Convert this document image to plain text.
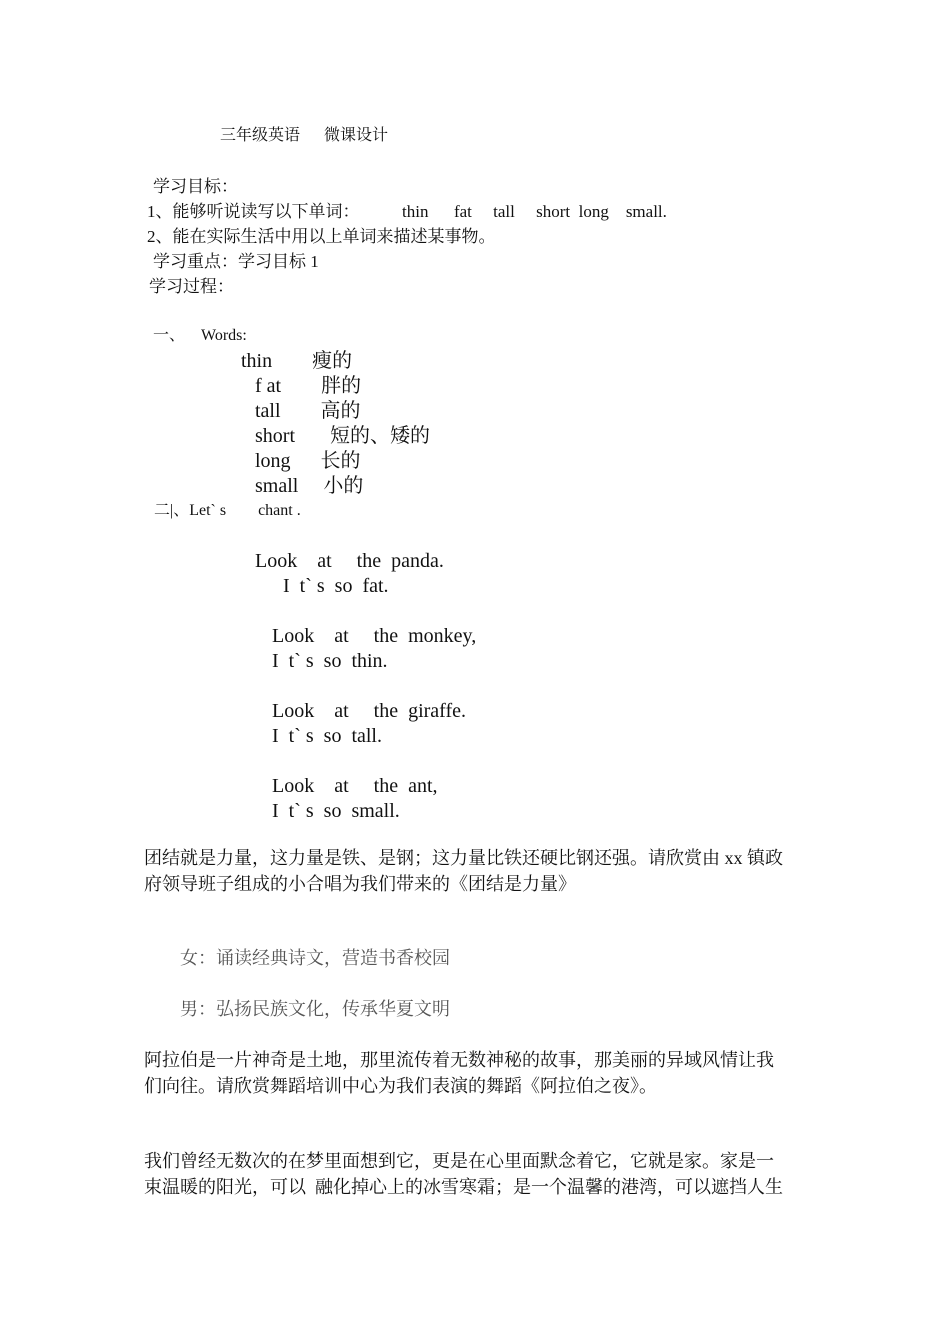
三年级英语      微课设计
学习目标：
1、能够听说读写以下单词：          thin      fat     tall     short  long    small.
2、能在实际生活中用以上单词来描述某事物。
学习重点：学习目标 1
学习过程：
一、    Words:
thin        瘦的
f at        胖的
tall        高的
short       短的、矮的
long      长的
small     小的
二|、Let` s        chant .
Look    at     the  panda.
I  t` s  so  fat.
Look    at     the  monkey,
I  t` s  so  thin.
Look    at     the  giraffe.
I  t` s  so  tall.
Look    at     the  ant,
I  t` s  so  small.
团结就是力量，这力量是铁、是钢；这力量比铁还硬比钢还强。请欣赏由 xx 镇政
府领导班子组成的小合唱为我们带来的《团结是力量》
女：诵读经典诗文，营造书香校园
男：弘扬民族文化，传承华夏文明
阿拉伯是一片神奇是土地，那里流传着无数神秘的故事，那美丽的异域风情让我
们向往。请欣赏舞蹈培训中心为我们表演的舞蹈《阿拉伯之夜》。
我们曾经无数次的在梦里面想到它，更是在心里面默念着它，它就是家。家是一
束温暖的阳光，可以  融化掉心上的冰雪寒霜；是一个温馨的港湾，可以遮挡人生
